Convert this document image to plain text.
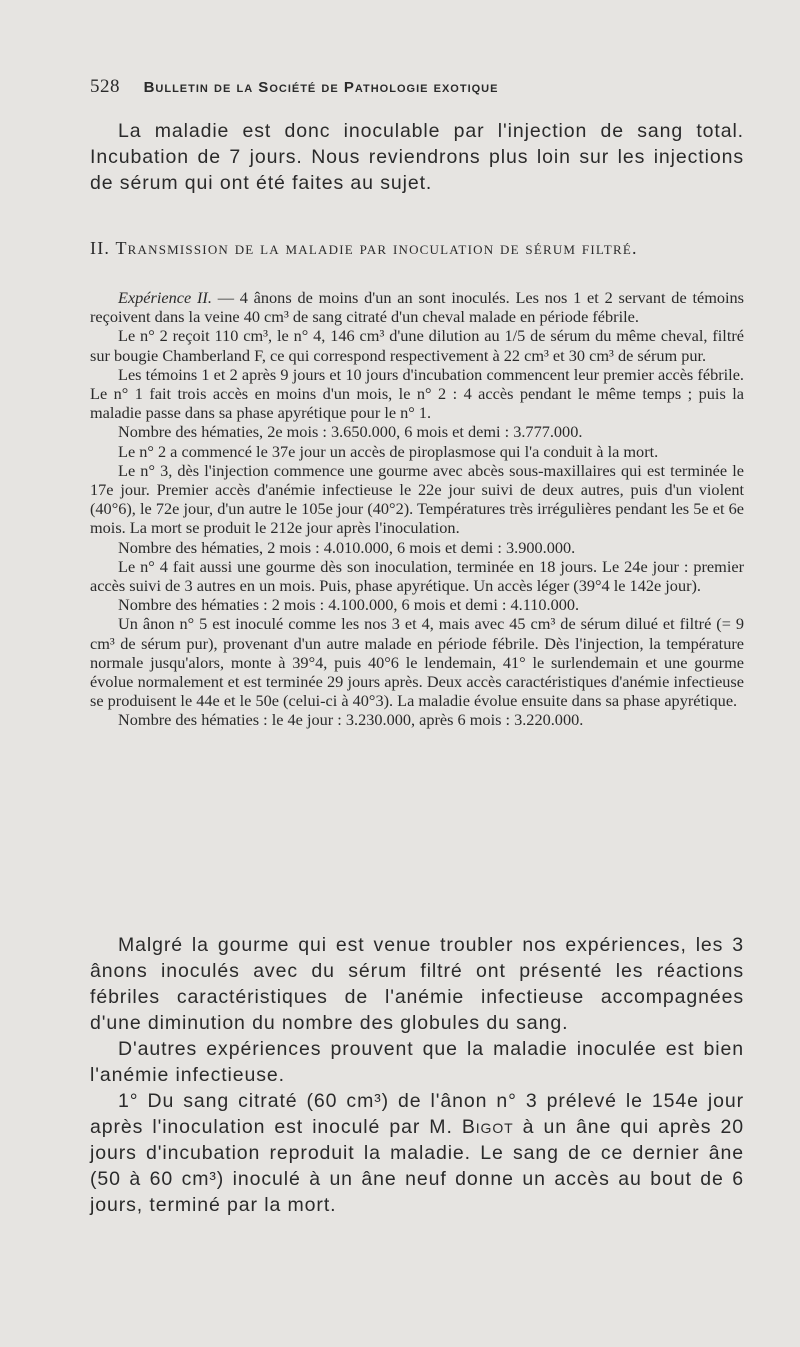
528 Bulletin de la Société de Pathologie exotique

La maladie est donc inoculable par l'injection de sang total. Incubation de 7 jours. Nous reviendrons plus loin sur les injections de sérum qui ont été faites au sujet.

II. Transmission de la maladie par inoculation de sérum filtré.

Expérience II. — 4 ânons de moins d'un an sont inoculés. Les nos 1 et 2 servant de témoins reçoivent dans la veine 40 cm³ de sang citraté d'un cheval malade en période fébrile.

Le n° 2 reçoit 110 cm³, le n° 4, 146 cm³ d'une dilution au 1/5 de sérum du même cheval, filtré sur bougie Chamberland F, ce qui correspond respectivement à 22 cm³ et 30 cm³ de sérum pur.

Les témoins 1 et 2 après 9 jours et 10 jours d'incubation commencent leur premier accès fébrile. Le n° 1 fait trois accès en moins d'un mois, le n° 2 : 4 accès pendant le même temps ; puis la maladie passe dans sa phase apyrétique pour le n° 1.

Nombre des hématies, 2e mois : 3.650.000, 6 mois et demi : 3.777.000.

Le n° 2 a commencé le 37e jour un accès de piroplasmose qui l'a conduit à la mort.

Le n° 3, dès l'injection commence une gourme avec abcès sous-maxillaires qui est terminée le 17e jour. Premier accès d'anémie infectieuse le 22e jour suivi de deux autres, puis d'un violent (40°6), le 72e jour, d'un autre le 105e jour (40°2). Températures très irrégulières pendant les 5e et 6e mois. La mort se produit le 212e jour après l'inoculation.

Nombre des hématies, 2 mois : 4.010.000, 6 mois et demi : 3.900.000.

Le n° 4 fait aussi une gourme dès son inoculation, terminée en 18 jours. Le 24e jour : premier accès suivi de 3 autres en un mois. Puis, phase apyrétique. Un accès léger (39°4 le 142e jour).

Nombre des hématies : 2 mois : 4.100.000, 6 mois et demi : 4.110.000.

Un ânon n° 5 est inoculé comme les nos 3 et 4, mais avec 45 cm³ de sérum dilué et filtré (= 9 cm³ de sérum pur), provenant d'un autre malade en période fébrile. Dès l'injection, la température normale jusqu'alors, monte à 39°4, puis 40°6 le lendemain, 41° le surlendemain et une gourme évolue normalement et est terminée 29 jours après. Deux accès caractéristiques d'anémie infectieuse se produisent le 44e et le 50e (celui-ci à 40°3). La maladie évolue ensuite dans sa phase apyrétique.

Nombre des hématies : le 4e jour : 3.230.000, après 6 mois : 3.220.000.

Malgré la gourme qui est venue troubler nos expériences, les 3 ânons inoculés avec du sérum filtré ont présenté les réactions fébriles caractéristiques de l'anémie infectieuse accompagnées d'une diminution du nombre des globules du sang.

D'autres expériences prouvent que la maladie inoculée est bien l'anémie infectieuse.

1° Du sang citraté (60 cm³) de l'ânon n° 3 prélevé le 154e jour après l'inoculation est inoculé par M. Bigot à un âne qui après 20 jours d'incubation reproduit la maladie. Le sang de ce dernier âne (50 à 60 cm³) inoculé à un âne neuf donne un accès au bout de 6 jours, terminé par la mort.
